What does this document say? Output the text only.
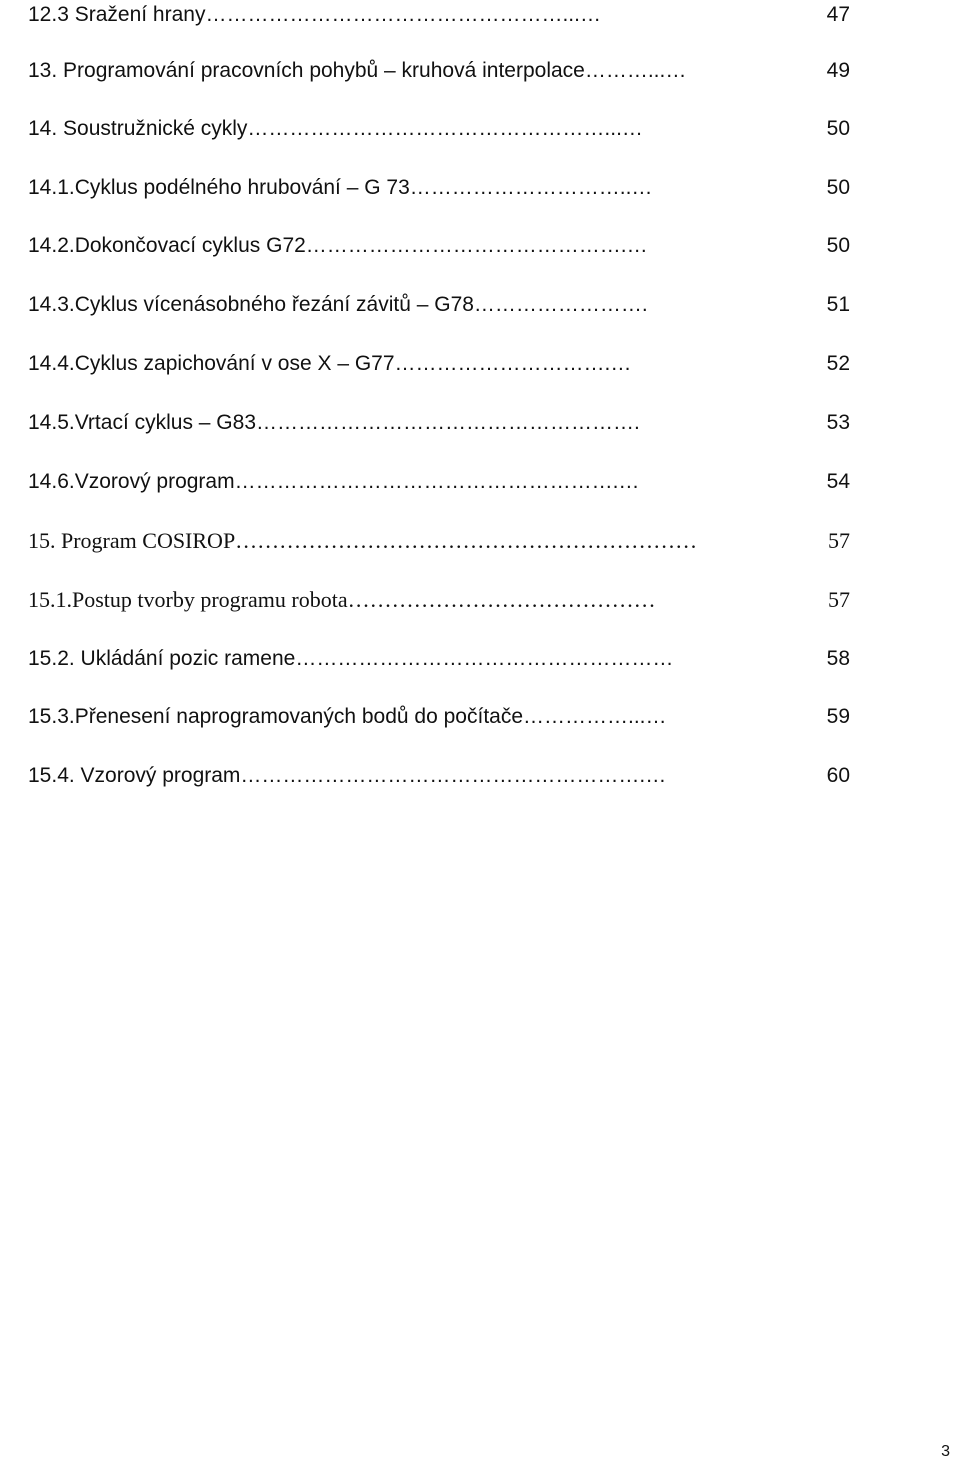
12.3 Sražení hrany……………………………………………...…	47
13. Programování pracovních pohybů – kruhová interpolace………...…	49
14. Soustružnické cykly……………………………………………...…	50
14.1.Cyklus podélného hrubování – G 73…………………………..…	50
14.2.Dokončovací cyklus G72……………………………………….…	50
14.3.Cyklus vícenásobného řezání závitů – G78…………………….	51
14.4.Cyklus zapichování v ose X – G77………………………….…	52
14.5.Vrtací cyklus – G83……………………………………………….	53
14.6.Vzorový program……………………………………………….…	54
15. Program COSIROP………………………………………………………	57
15.1.Postup tvorby programu robota……………………………………	57
15.2. Ukládání pozic ramene………………………………………………	58
15.3.Přenesení naprogramovaných bodů do počítače……………...…	59
15.4. Vzorový program………………………………………………….…	60
3
